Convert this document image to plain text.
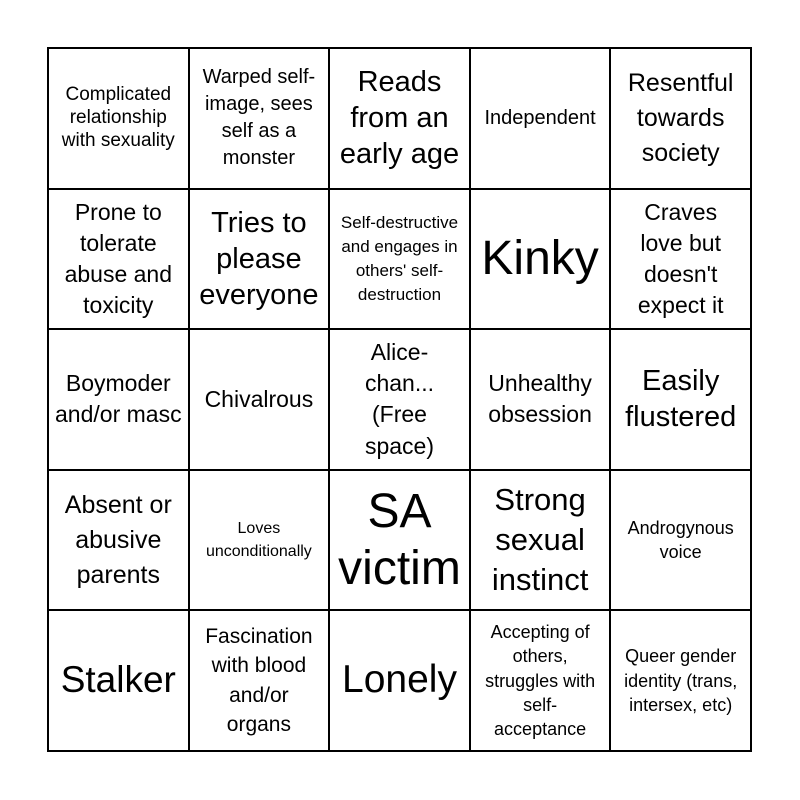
Complicated relationship with sexuality
Warped self-image, sees self as a monster
Reads from an early age
Independent
Resentful towards society
Prone to tolerate abuse and toxicity
Tries to please everyone
Self-destructive and engages in others' self-destruction
Kinky
Craves love but doesn't expect it
Boymoder and/or masc
Chivalrous
Alice-chan... (Free space)
Unhealthy obsession
Easily flustered
Absent or abusive parents
Loves unconditionally
SA victim
Strong sexual instinct
Androgynous voice
Stalker
Fascination with blood and/or organs
Lonely
Accepting of others, struggles with self-acceptance
Queer gender identity (trans, intersex, etc)
